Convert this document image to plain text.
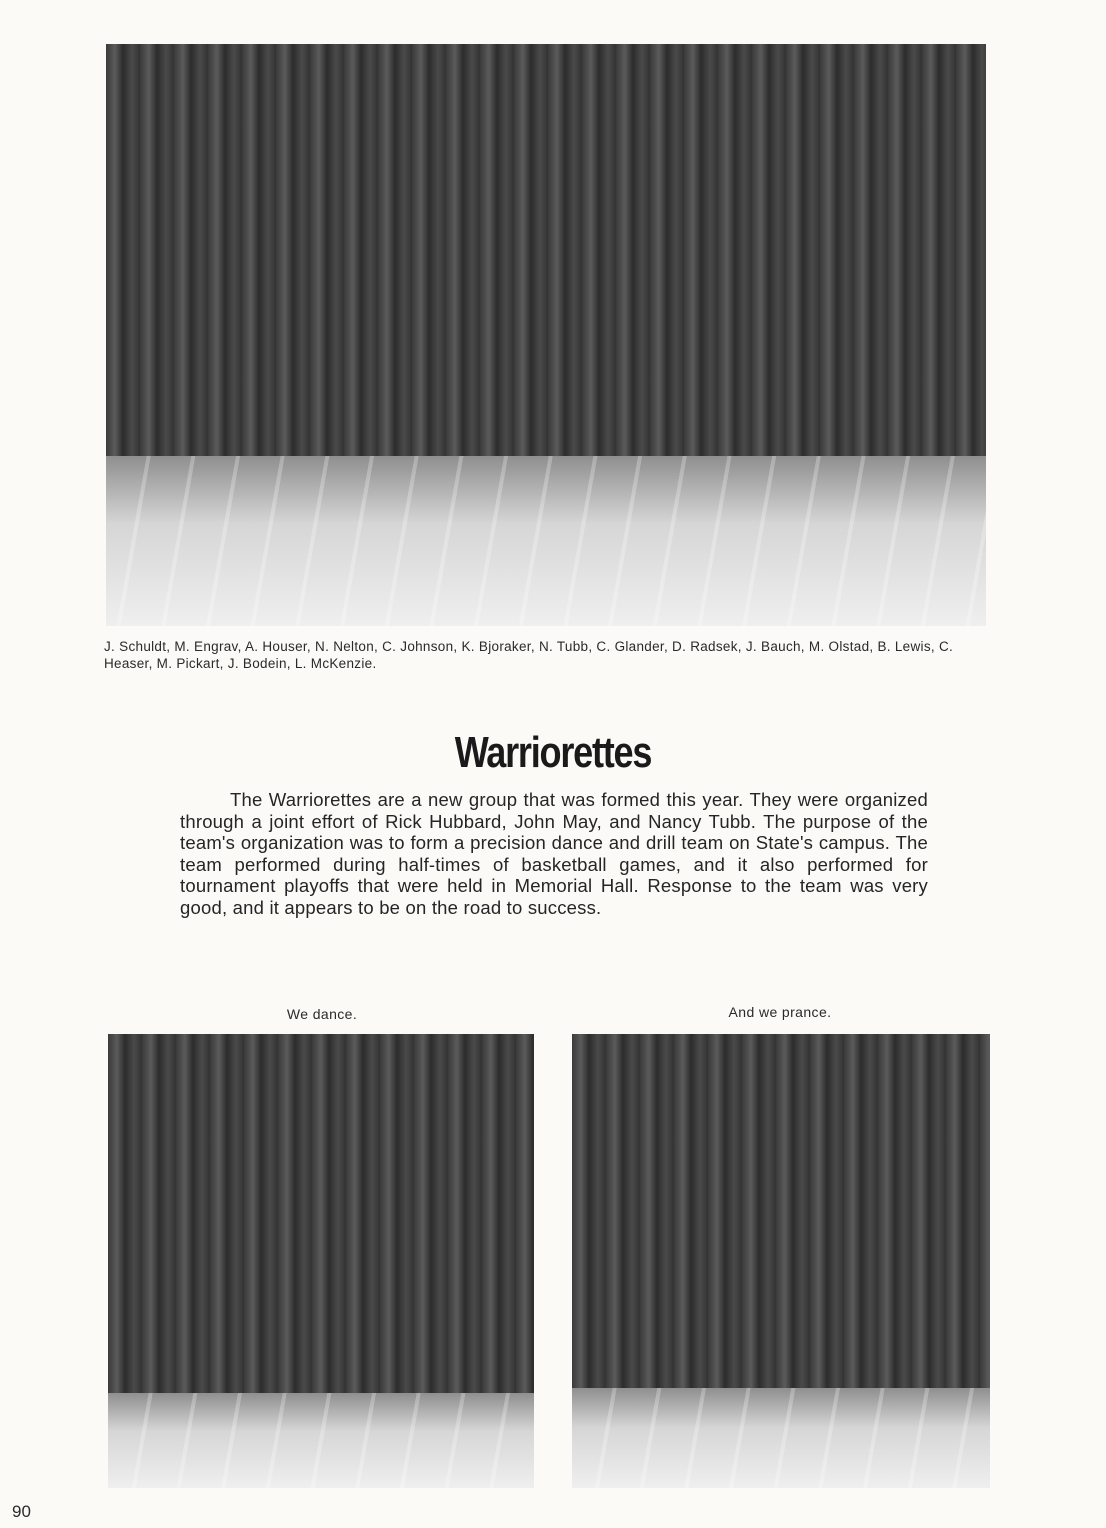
J. Schuldt, M. Engrav, A. Houser, N. Nelton, C. Johnson, K. Bjoraker, N. Tubb, C. Glander, D. Radsek, J. Bauch, M. Olstad, B. Lewis, C. Heaser, M. Pickart, J. Bodein, L. McKenzie.
Warriorettes
The Warriorettes are a new group that was formed this year. They were organized through a joint effort of Rick Hubbard, John May, and Nancy Tubb. The purpose of the team's organization was to form a precision dance and drill team on State's campus. The team performed during half-times of basketball games, and it also performed for tournament playoffs that were held in Memorial Hall. Response to the team was very good, and it appears to be on the road to success.
We dance.	And we prance.
90
